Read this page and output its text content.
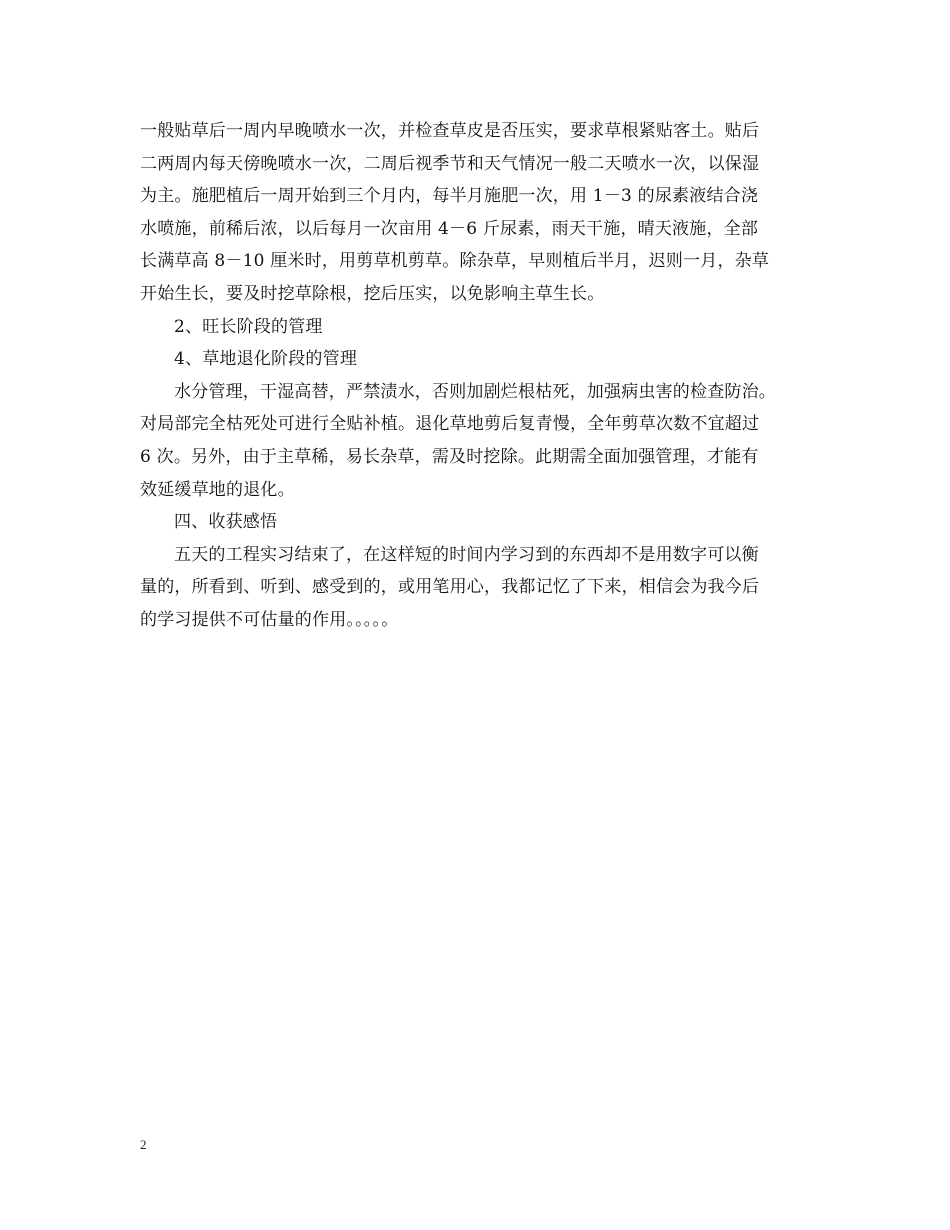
一般贴草后一周内早晚喷水一次，并检查草皮是否压实，要求草根紧贴客土。贴后
二两周内每天傍晚喷水一次，二周后视季节和天气情况一般二天喷水一次，以保湿
为主。施肥植后一周开始到三个月内，每半月施肥一次，用 1－3 的尿素液结合浇
水喷施，前稀后浓，以后每月一次亩用 4－6 斤尿素，雨天干施，晴天液施，全部
长满草高 8－10 厘米时，用剪草机剪草。除杂草，早则植后半月，迟则一月，杂草
开始生长，要及时挖草除根，挖后压实，以免影响主草生长。
2、旺长阶段的管理
4、草地退化阶段的管理
水分管理，干湿高替，严禁渍水，否则加剧烂根枯死，加强病虫害的检查防治。
对局部完全枯死处可进行全贴补植。退化草地剪后复青慢，全年剪草次数不宜超过
6 次。另外，由于主草稀，易长杂草，需及时挖除。此期需全面加强管理，才能有
效延缓草地的退化。
四、收获感悟
五天的工程实习结束了，在这样短的时间内学习到的东西却不是用数字可以衡
量的，所看到、听到、感受到的，或用笔用心，我都记忆了下来，相信会为我今后
的学习提供不可估量的作用。。。。。
2
